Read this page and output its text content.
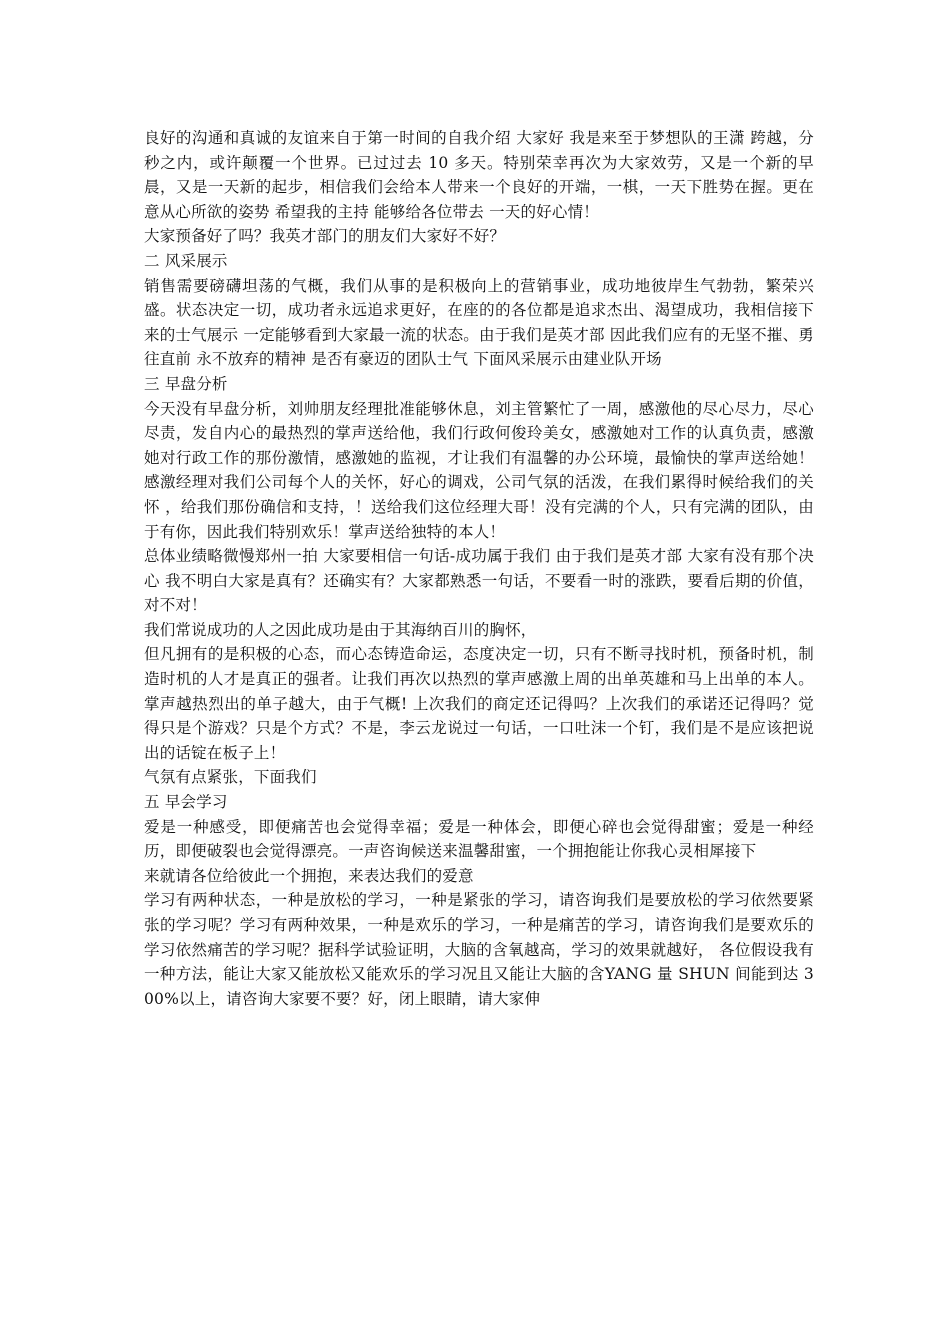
良好的沟通和真诚的友谊来自于第一时间的自我介绍 大家好 我是来至于梦想队的王潇 跨越，分秒之内，或许颠覆一个世界。已过过去 10 多天。特别荣幸再次为大家效劳，又是一个新的早晨，又是一天新的起步，相信我们会给本人带来一个良好的开端，一棋，一天下胜势在握。更在意从心所欲的姿势 希望我的主持 能够给各位带去 一天的好心情！

大家预备好了吗？我英才部门的朋友们大家好不好？

二 风采展示

销售需要磅礴坦荡的气概，我们从事的是积极向上的营销事业，成功地彼岸生气勃勃，繁荣兴盛。状态决定一切，成功者永远追求更好，在座的的各位都是追求杰出、渴望成功，我相信接下来的士气展示 一定能够看到大家最一流的状态。由于我们是英才部 因此我们应有的无坚不摧、勇往直前 永不放弃的精神 是否有豪迈的团队士气 下面风采展示由建业队开场

三 早盘分析

今天没有早盘分析，刘帅朋友经理批准能够休息，刘主管繁忙了一周，感激他的尽心尽力，尽心尽责，发自内心的最热烈的掌声送给他，我们行政何俊玲美女，感激她对工作的认真负责，感激她对行政工作的那份激情，感激她的监视，才让我们有温馨的办公环境，最愉快的掌声送给她！感激经理对我们公司每个人的关怀，好心的调戏，公司气氛的活泼，在我们累得时候给我们的关怀 ，给我们那份确信和支持，！送给我们这位经理大哥！没有完满的个人，只有完满的团队，由于有你，因此我们特别欢乐！掌声送给独特的本人！

总体业绩略微慢郑州一拍 大家要相信一句话-成功属于我们 由于我们是英才部 大家有没有那个决心 我不明白大家是真有？还确实有？大家都熟悉一句话，不要看一时的涨跌，要看后期的价值，对不对！

我们常说成功的人之因此成功是由于其海纳百川的胸怀，

但凡拥有的是积极的心态，而心态铸造命运，态度决定一切，只有不断寻找时机，预备时机，制造时机的人才是真正的强者。让我们再次以热烈的掌声感激上周的出单英雄和马上出单的本人。掌声越热烈出的单子越大，由于气概! 上次我们的商定还记得吗？上次我们的承诺还记得吗？觉得只是个游戏？只是个方式？不是，李云龙说过一句话，一口吐沫一个钉，我们是不是应该把说出的话锭在板子上！

气氛有点紧张，下面我们

五 早会学习

爱是一种感受，即便痛苦也会觉得幸福；爱是一种体会，即便心碎也会觉得甜蜜；爱是一种经历，即便破裂也会觉得漂亮。一声咨询候送来温馨甜蜜，一个拥抱能让你我心灵相犀接下

来就请各位给彼此一个拥抱，来表达我们的爱意

学习有两种状态，一种是放松的学习，一种是紧张的学习，请咨询我们是要放松的学习依然要紧张的学习呢？学习有两种效果，一种是欢乐的学习，一种是痛苦的学习，请咨询我们是要欢乐的学习依然痛苦的学习呢？据科学试验证明，大脑的含氧越高，学习的效果就越好， 各位假设我有一种方法，能让大家又能放松又能欢乐的学习况且又能让大脑的含YANG 量 SHUN 间能到达 300%以上，请咨询大家要不要？好，闭上眼睛，请大家伸
